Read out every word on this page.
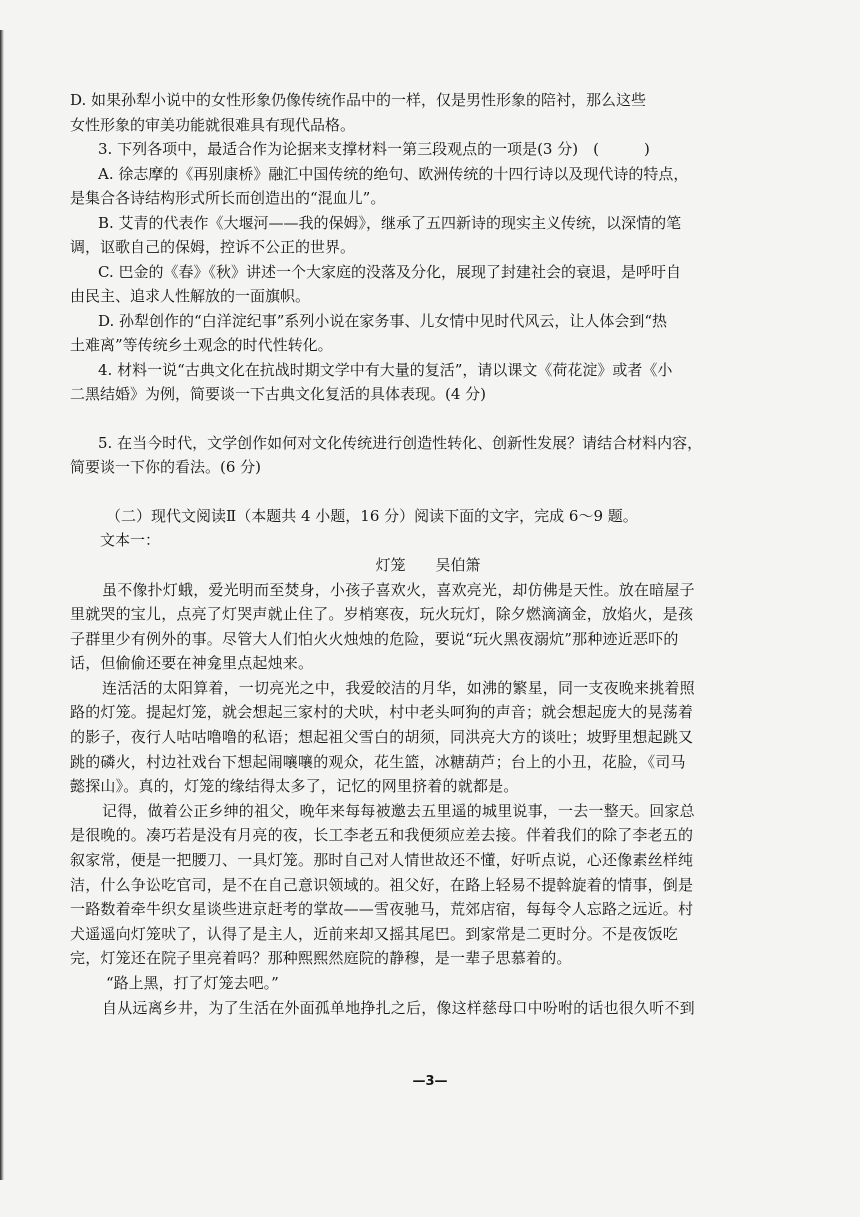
D. 如果孙犁小说中的女性形象仍像传统作品中的一样，仅是男性形象的陪衬，那么这些
女性形象的审美功能就很难具有现代品格。
3. 下列各项中，最适合作为论据来支撑材料一第三段观点的一项是(3 分)　(　　　)
A. 徐志摩的《再别康桥》融汇中国传统的绝句、欧洲传统的十四行诗以及现代诗的特点，
是集合各诗结构形式所长而创造出的“混血儿”。
B. 艾青的代表作《大堰河——我的保姆》，继承了五四新诗的现实主义传统，以深情的笔
调，讴歌自己的保姆，控诉不公正的世界。
C. 巴金的《春》《秋》讲述一个大家庭的没落及分化，展现了封建社会的衰退，是呼吁自
由民主、追求人性解放的一面旗帜。
D. 孙犁创作的“白洋淀纪事”系列小说在家务事、儿女情中见时代风云，让人体会到“热
土难离”等传统乡土观念的时代性转化。
4. 材料一说“古典文化在抗战时期文学中有大量的复活”，请以课文《荷花淀》或者《小
二黑结婚》为例，简要谈一下古典文化复活的具体表现。(4 分)
5. 在当今时代，文学创作如何对文化传统进行创造性转化、创新性发展？请结合材料内容，
简要谈一下你的看法。(6 分)
（二）现代文阅读Ⅱ（本题共 4 小题，16 分）阅读下面的文字，完成 6～9 题。
文本一：
灯笼 吴伯箫
虽不像扑灯蛾，爱光明而至焚身，小孩子喜欢火，喜欢亮光，却仿佛是天性。放在暗屋子
里就哭的宝儿，点亮了灯哭声就止住了。岁梢寒夜，玩火玩灯，除夕燃滴滴金，放焰火，是孩
子群里少有例外的事。尽管大人们怕火火烛烛的危险，要说“玩火黑夜溺炕”那种迹近恶吓的
话，但偷偷还要在神龛里点起烛来。
连活活的太阳算着，一切亮光之中，我爱皎洁的月华，如沸的繁星，同一支夜晚来挑着照
路的灯笼。提起灯笼，就会想起三家村的犬吠，村中老头呵狗的声音；就会想起庞大的晃荡着
的影子，夜行人咕咕噜噜的私语；想起祖父雪白的胡须，同洪亮大方的谈吐；坡野里想起跳又
跳的磷火，村边社戏台下想起闹嚷嚷的观众，花生篮，冰糖葫芦；台上的小丑，花脸，《司马
懿探山》。真的，灯笼的缘结得太多了，记忆的网里挤着的就都是。
记得，做着公正乡绅的祖父，晚年来每每被邀去五里遥的城里说事，一去一整天。回家总
是很晚的。凑巧若是没有月亮的夜，长工李老五和我便须应差去接。伴着我们的除了李老五的
叙家常，便是一把腰刀、一具灯笼。那时自己对人情世故还不懂，好听点说，心还像素丝样纯
洁，什么争讼吃官司，是不在自己意识领域的。祖父好，在路上轻易不提斡旋着的情事，倒是
一路数着牵牛织女星谈些进京赶考的掌故——雪夜驰马，荒郊店宿，每每令人忘路之远近。村
犬遥遥向灯笼吠了，认得了是主人，近前来却又摇其尾巴。到家常是二更时分。不是夜饭吃
完，灯笼还在院子里亮着吗？那种熙熙然庭院的静穆，是一辈子思慕着的。
“路上黑，打了灯笼去吧。”
自从远离乡井，为了生活在外面孤单地挣扎之后，像这样慈母口中吩咐的话也很久听不到
—3—
